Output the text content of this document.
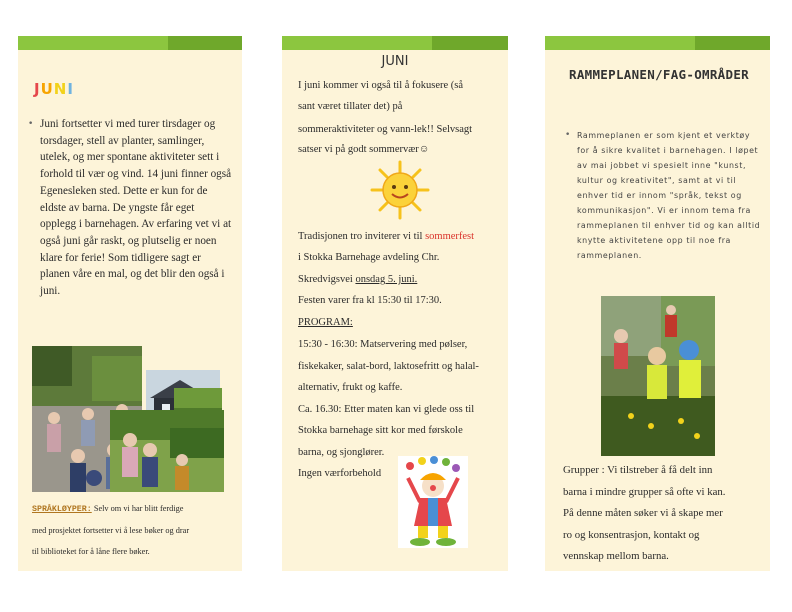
JUNI
• Juni fortsetter vi med turer tirsdager og torsdager, stell av planter, samlinger, utelek, og mer spontane aktiviteter sett i forhold til vær og vind. 14 juni finner også Egenesleken sted. Dette er kun for de eldste av barna. De yngste får eget opplegg i barnehagen. Av erfaring vet vi at også juni går raskt, og plutselig er noen klare for ferie! Som tidligere sagt er planen våre en mal, og det blir den også i juni.
SPRÅKLØYPER: Selv om vi har blitt ferdige
med prosjektet fortsetter vi å lese bøker og drar
til biblioteket for å låne flere bøker.
JUNI
I juni kommer vi også til å fokusere (så
sant været tillater det) på
sommeraktiviteter og vann-lek!! Selvsagt
satser vi på godt sommervær☺
Tradisjonen tro inviterer vi til sommerfest
i Stokka Barnehage avdeling Chr.
Skredvigsvei onsdag 5. juni.
Festen varer fra kl 15:30 til 17:30.
PROGRAM:
15:30 - 16:30: Matservering med pølser,
fiskekaker, salat-bord, laktosefritt og halal-
alternativ, frukt og kaffe.
Ca. 16.30: Etter maten kan vi glede oss til
Stokka barnehage sitt kor med førskole
barna, og sjonglører.
Ingen værforbehold
RAMMEPLANEN/FAG-OMRÅDER
• Rammeplanen er som kjent et verktøy for å sikre kvalitet i barnehagen. I løpet av mai jobbet vi spesielt inne "kunst, kultur og kreativitet", samt at vi til enhver tid er innom "språk, tekst og kommunikasjon". Vi er innom tema fra rammeplanen til enhver tid og kan alltid knytte aktivitetene opp til noe fra rammeplanen.
Grupper : Vi tilstreber å få delt inn
barna i mindre grupper så ofte vi kan.
På denne måten søker vi å skape mer
ro og konsentrasjon, kontakt og
vennskap mellom barna.
